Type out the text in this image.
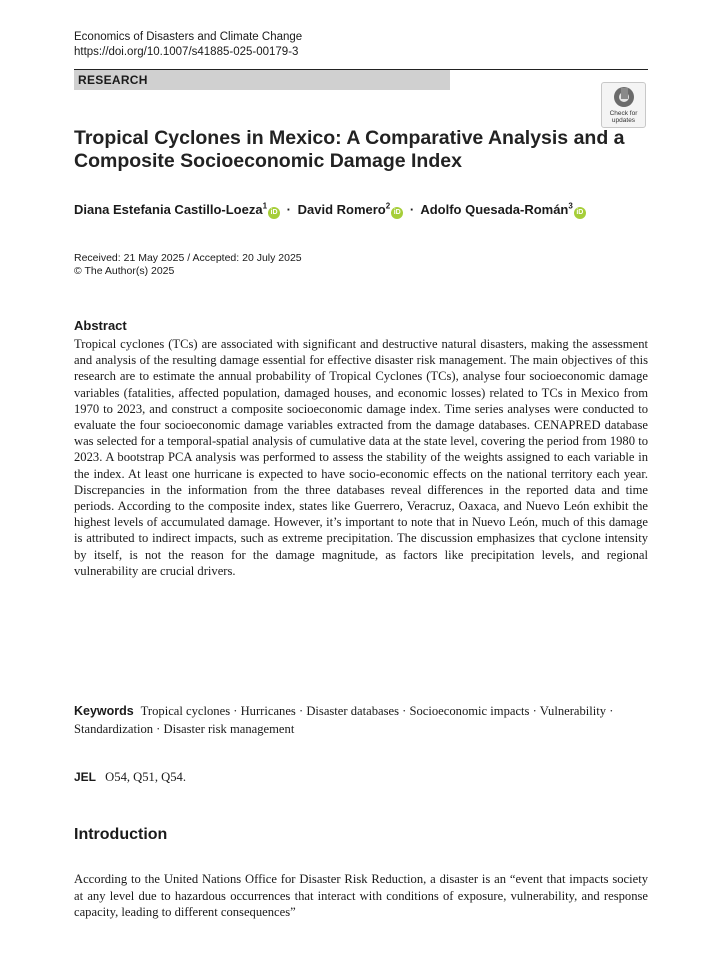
Economics of Disasters and Climate Change
https://doi.org/10.1007/s41885-025-00179-3
RESEARCH
Check for
updates
Tropical Cyclones in Mexico: A Comparative Analysis and a Composite Socioeconomic Damage Index
Diana Estefania Castillo-Loeza$^1$iD · David Romero$^2$iD · Adolfo Quesada-Román$^3$iD
Received: 21 May 2025 / Accepted: 20 July 2025
© The Author(s) 2025
Abstract
Tropical cyclones (TCs) are associated with significant and destructive natural disasters, making the assessment and analysis of the resulting damage essential for effective disaster risk management. The main objectives of this research are to estimate the annual probability of Tropical Cyclones (TCs), analyse four socioeconomic damage variables (fatalities, affected population, damaged houses, and economic losses) related to TCs in Mexico from 1970 to 2023, and construct a composite socioeconomic damage index. Time series analyses were conducted to evaluate the four socioeconomic damage variables extracted from the damage databases. CENAPRED database was selected for a temporal-spatial analysis of cumulative data at the state level, covering the period from 1980 to 2023. A bootstrap PCA analysis was performed to assess the stability of the weights assigned to each variable in the index. At least one hurricane is expected to have socio-economic effects on the national territory each year. Discrepancies in the information from the three databases reveal differences in the reported data and time periods. According to the composite index, states like Guerrero, Veracruz, Oaxaca, and Nuevo León exhibit the highest levels of accumulated damage. However, it’s important to note that in Nuevo León, much of this damage is attributed to indirect impacts, such as extreme precipitation. The discussion emphasizes that cyclone intensity by itself, is not the reason for the damage magnitude, as factors like precipitation levels, and regional vulnerability are crucial drivers.
Keywords Tropical cyclones · Hurricanes · Disaster databases · Socioeconomic impacts · Vulnerability · Standardization · Disaster risk management
JEL O54, Q51, Q54.
Introduction
According to the United Nations Office for Disaster Risk Reduction, a disaster is an “event that impacts society at any level due to hazardous occurrences that interact with conditions of exposure, vulnerability, and response capacity, leading to different consequences”
